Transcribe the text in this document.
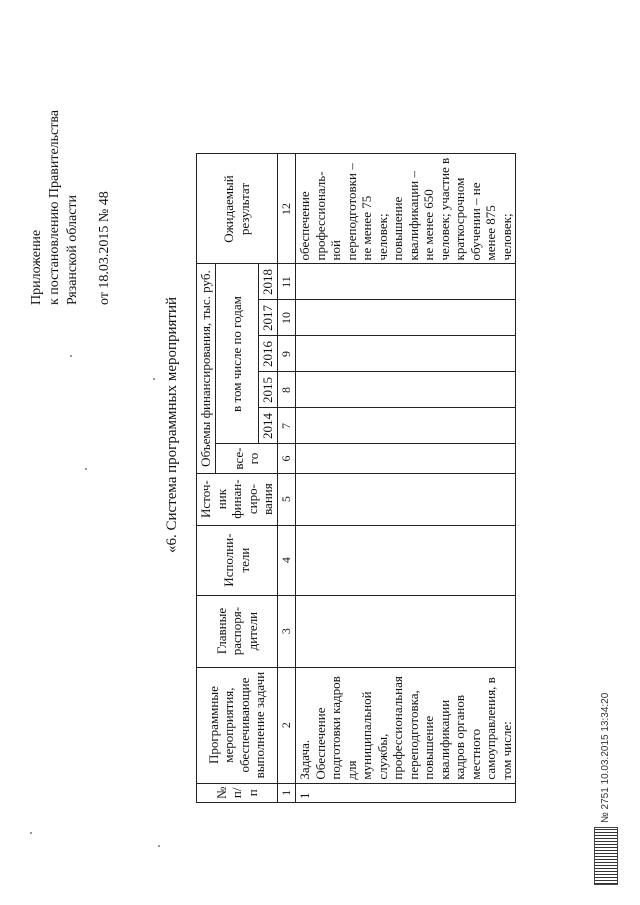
Приложение к постановлению Правительства Рязанской области от 18.03.2015 № 48
«6. Система программных мероприятий
№ п/п	Программные мероприятия, обеспечивающие выполнение задачи	Главные распоря-дители	Исполни-тели	Источ-ник финан-сиро-вания	Объемы финансирования, тыс. руб.						Ожидаемый результат
					все-го	в том числе по годам					
						2014	2015	2016	2017	2018	
1	2	3	4	5	6	7	8	9	10	11	12
1	Задача. Обеспечение подготовки кадров для муниципальной службы, профессиональная переподготовка, повышение квалификации кадров органов местного самоуправления, в том числе:										обеспечение профессиональ-ной переподготовки – не менее 75 человек; повышение квалификации – не менее 650 человек; участие в краткосрочном обучении – не менее 875 человек;
№ 2751 10.03.2015 13:34:20
